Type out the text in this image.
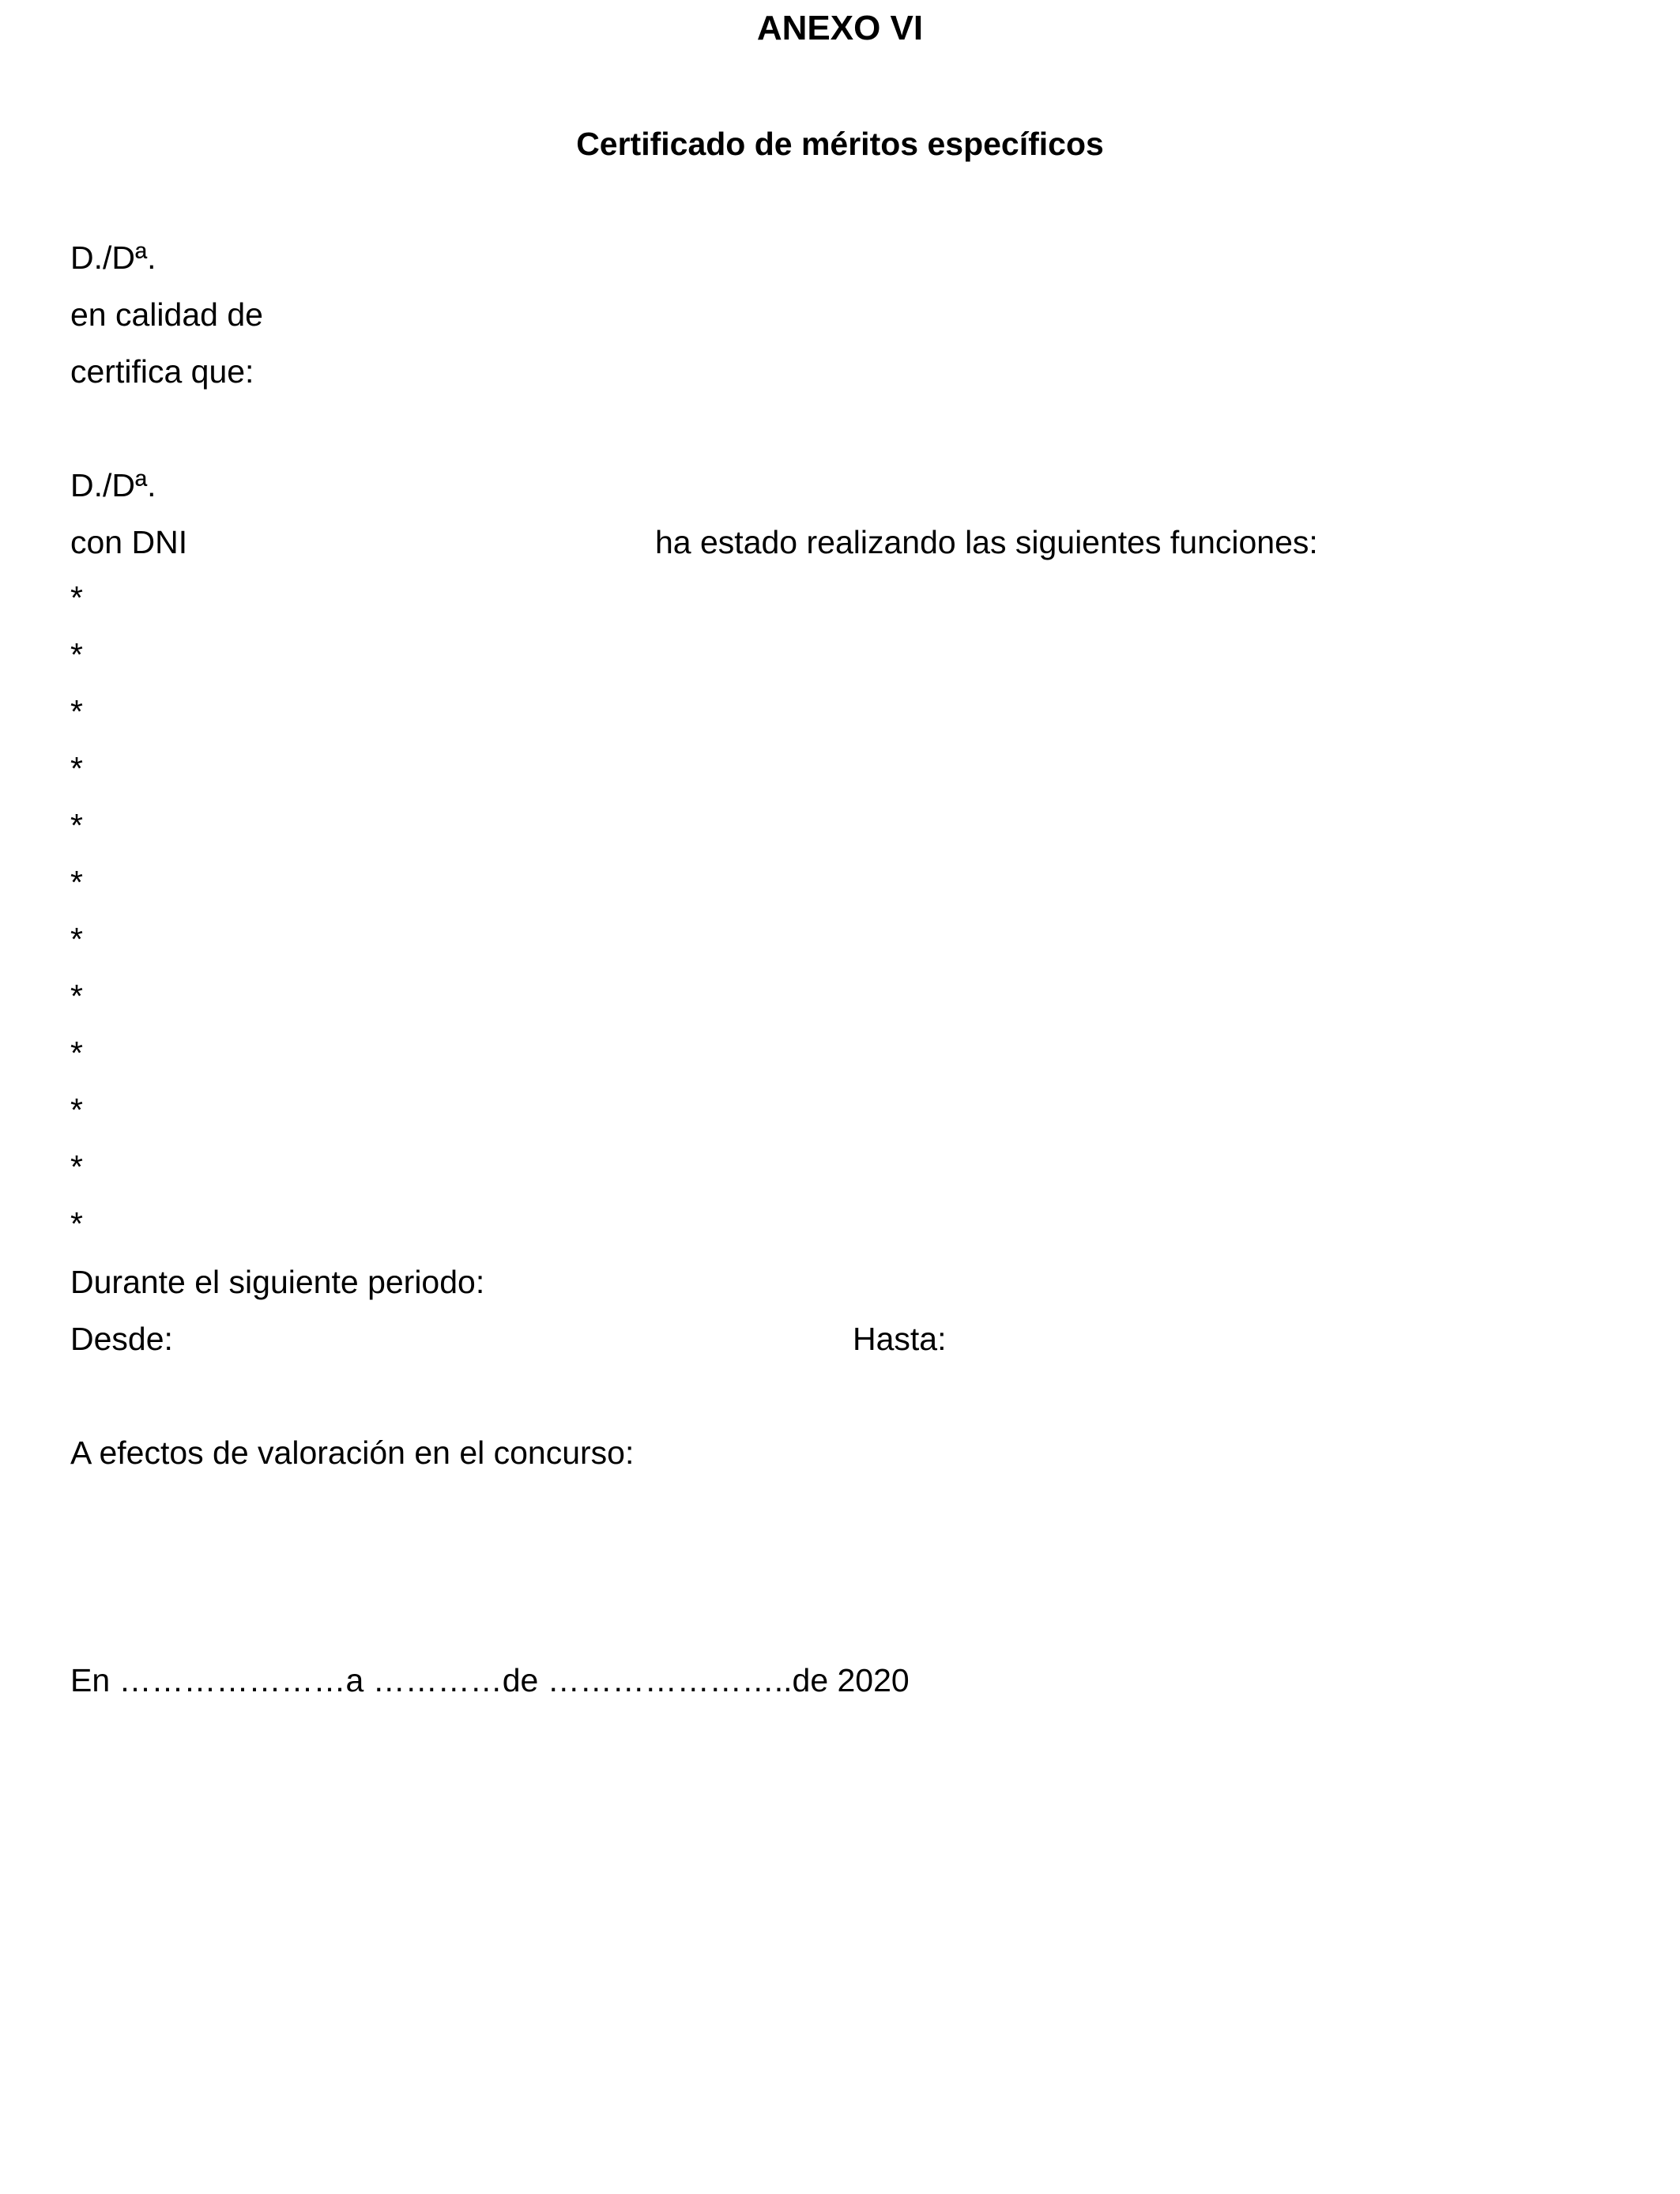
ANEXO VI
Certificado de méritos específicos
D./Dª.
en calidad de
certifica que:
D./Dª.
con DNI	ha estado realizando las siguientes funciones:
*
*
*
*
*
*
*
*
*
*
*
*
Durante el siguiente periodo:
Desde:	Hasta:
A efectos de valoración en el concurso:
En …………………a …………de …………………..de 2020
